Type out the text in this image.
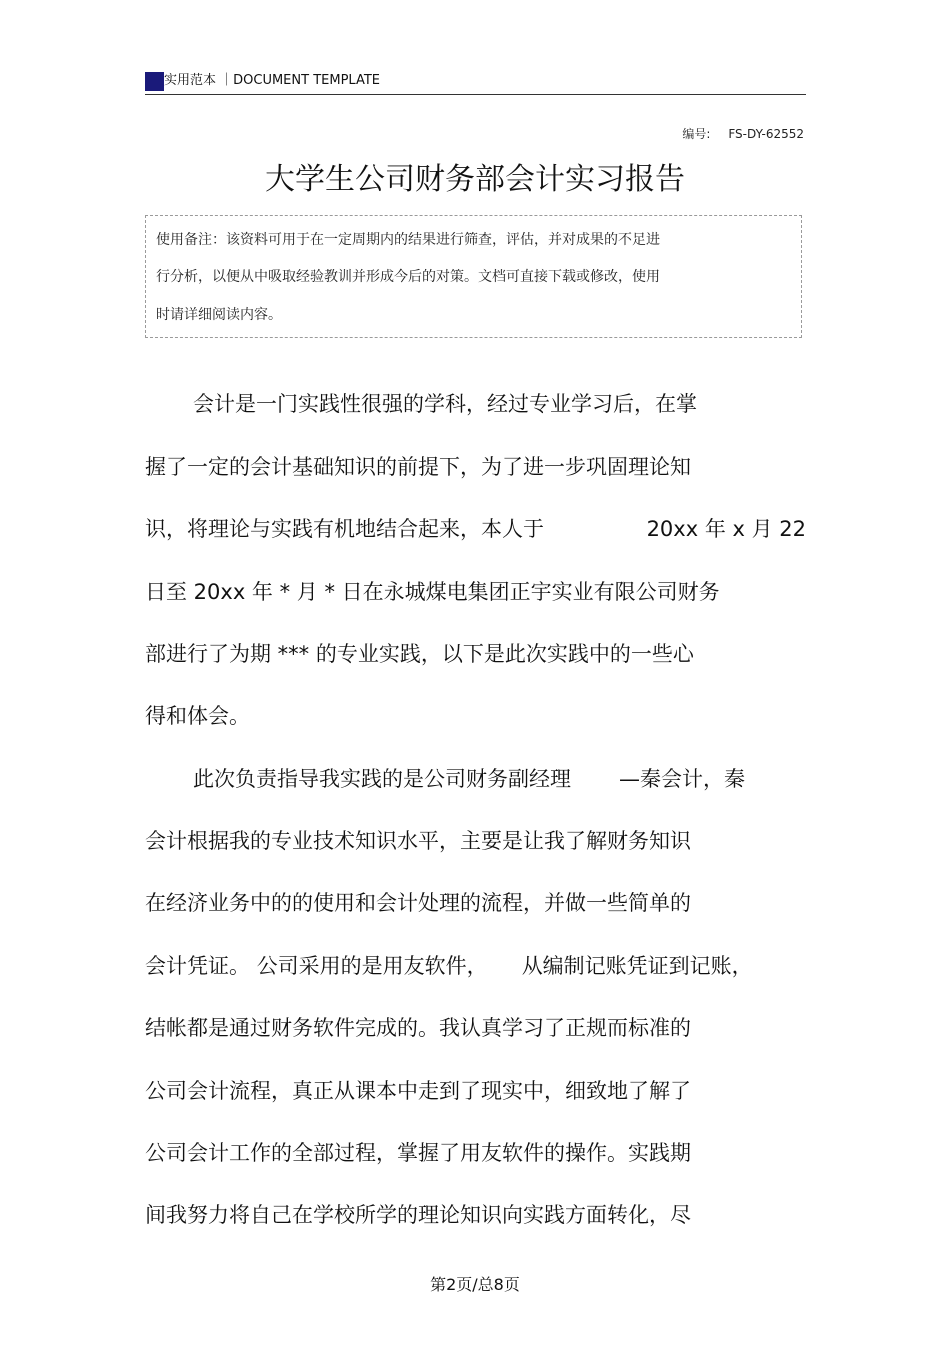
实用范本 ｜DOCUMENT TEMPLATE
编号: FS-DY-62552
大学生公司财务部会计实习报告
使用备注：该资料可用于在一定周期内的结果进行筛查，评估，并对成果的不足进
行分析，以便从中吸取经验教训并形成今后的对策。文档可直接下载或修改，使用
时请详细阅读内容。
会计是一门实践性很强的学科，经过专业学习后，在掌
握了一定的会计基础知识的前提下，为了进一步巩固理论知
识，将理论与实践有机地结合起来，本人于	20xx 年 x 月 22
日至 20xx 年 * 月 * 日在永城煤电集团正宇实业有限公司财务
部进行了为期 *** 的专业实践，以下是此次实践中的一些心
得和体会。
此次负责指导我实践的是公司财务副经理 —秦会计，秦
会计根据我的专业技术知识水平，主要是让我了解财务知识
在经济业务中的的使用和会计处理的流程，并做一些简单的
会计凭证。 公司采用的是用友软件， 从编制记账凭证到记账，
结帐都是通过财务软件完成的。我认真学习了正规而标准的
公司会计流程，真正从课本中走到了现实中，细致地了解了
公司会计工作的全部过程，掌握了用友软件的操作。实践期
间我努力将自己在学校所学的理论知识向实践方面转化，尽
第2页/总8页
